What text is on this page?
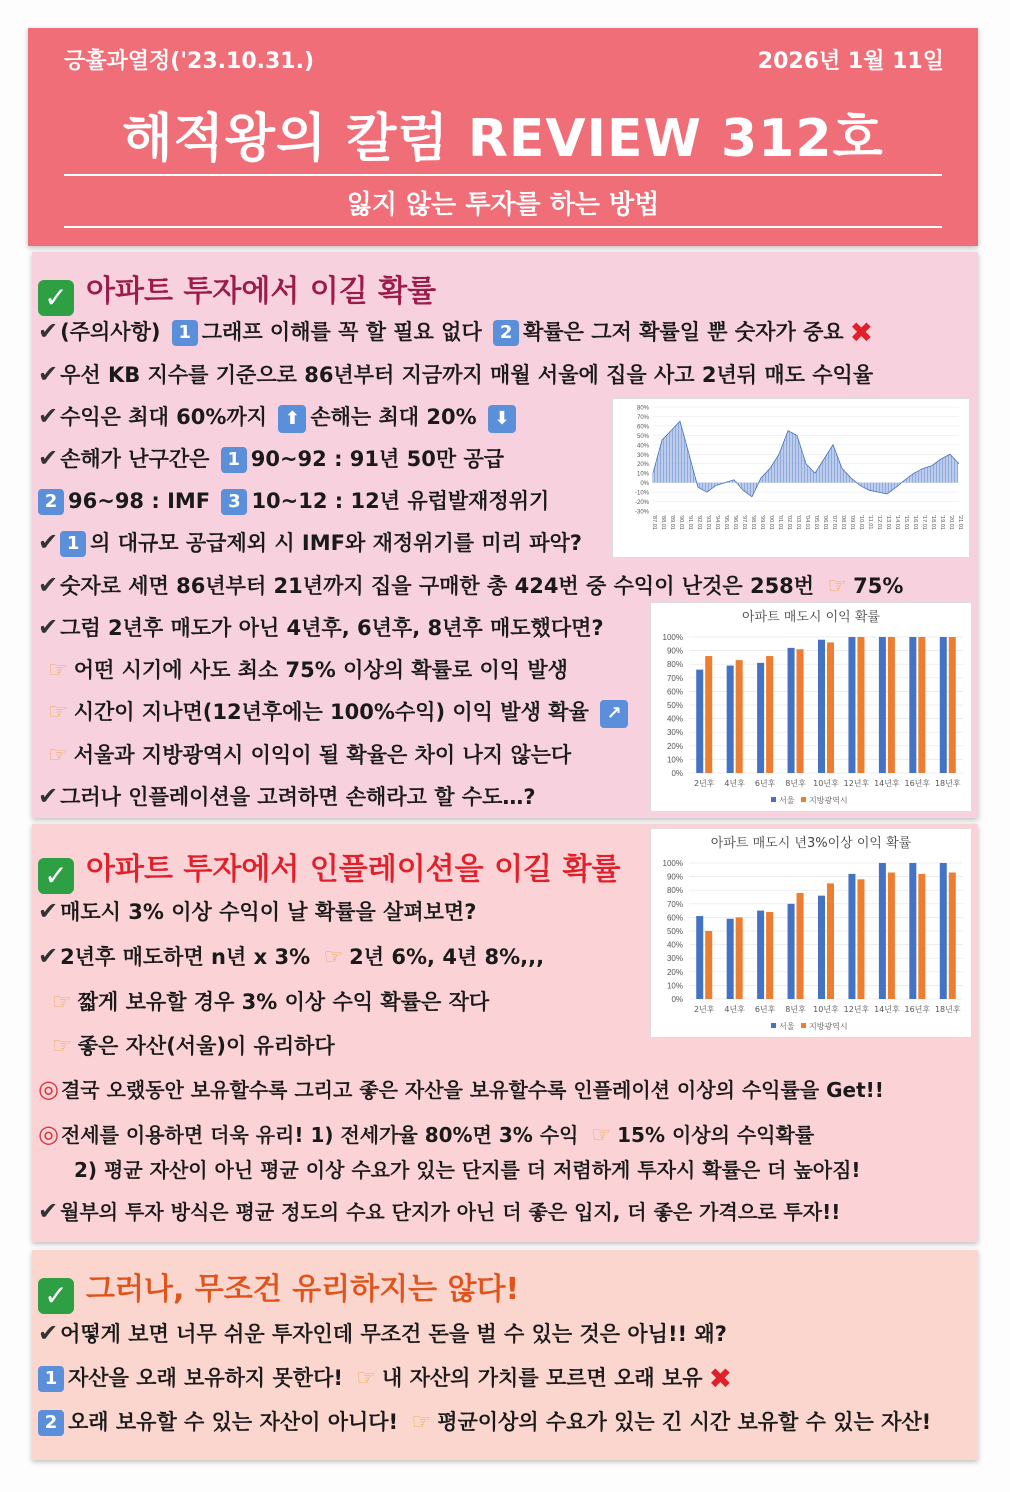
긍휼과열정('23.10.31.)	2026년 1월 11일
해적왕의 칼럼 REVIEW 312호
잃지 않는 투자를 하는 방법
✓ 아파트 투자에서 이길 확률
✔(주의사항) 1 그래프 이해를 꼭 할 필요 없다 2 확률은 그저 확률일 뿐 숫자가 중요 ✖
✔우선 KB 지수를 기준으로 86년부터 지금까지 매월 서울에 집을 사고 2년뒤 매도 수익율
✔수익은 최대 60%까지 ⬆ 손해는 최대 20% ⬇
✔손해가 난구간은 1 90~92 : 91년 50만 공급
2 96~98 : IMF 3 10~12 : 12년 유럽발재정위기
✔ 1 의 대규모 공급제외 시 IMF와 재정위기를 미리 파악?
✔숫자로 세면 86년부터 21년까지 집을 구매한 총 424번 중 수익이 난것은 258번 ☞ 75%
✔그럼 2년후 매도가 아닌 4년후, 6년후, 8년후 매도했다면?
☞ 어떤 시기에 사도 최소 75% 이상의 확률로 이익 발생
☞ 시간이 지나면(12년후에는 100%수익) 이익 발생 확율 ↗
☞ 서울과 지방광역시 이익이 될 확율은 차이 나지 않는다
✔그러나 인플레이션을 고려하면 손해라고 할 수도…?
80%
70%
60%
50%
40%
30%
20%
10%
0%
-10%
-20%
-30%
'87.01 '88.01 '89.01 '90.01 '91.01 '92.01 '93.01 '94.01 '95.01 '96.01 '97.01 '98.01 '99.01 '00.01 '01.01 '02.01 '03.01 '04.01 '05.01 '06.01 '07.01 '08.01 '09.01 '10.01 '11.01 '12.01 '13.01 '14.01 '15.01 '16.01 '17.01 '18.01 '19.01 '20.01 '21.01
아파트 매도시 이익 확률
100%
90%
80%
70%
60%
50%
40%
30%
20%
10%
0%
2년후 4년후 6년후 8년후 10년후 12년후 14년후 16년후 18년후
서울 지방광역시
✓ 아파트 투자에서 인플레이션을 이길 확률
✔매도시 3% 이상 수익이 날 확률을 살펴보면?
✔2년후 매도하면 n년 x 3% ☞ 2년 6%, 4년 8%,,,
☞ 짧게 보유할 경우 3% 이상 수익 확률은 작다
☞ 좋은 자산(서울)이 유리하다
◎ 결국 오랬동안 보유할수록 그리고 좋은 자산을 보유할수록 인플레이션 이상의 수익률을 Get!!
◎ 전세를 이용하면 더욱 유리! 1) 전세가율 80%면 3% 수익 ☞ 15% 이상의 수익확률
2) 평균 자산이 아닌 평균 이상 수요가 있는 단지를 더 저렴하게 투자시 확률은 더 높아짐!
✔ 월부의 투자 방식은 평균 정도의 수요 단지가 아닌 더 좋은 입지, 더 좋은 가격으로 투자!!
아파트 매도시 년3%이상 이익 확률
100%
90%
80%
70%
60%
50%
40%
30%
20%
10%
0%
2년후 4년후 6년후 8년후 10년후 12년후 14년후 16년후 18년후
서울 지방광역시
✓ 그러나, 무조건 유리하지는 않다!
✔어떻게 보면 너무 쉬운 투자인데 무조건 돈을 벌 수 있는 것은 아님!! 왜?
1 자산을 오래 보유하지 못한다! ☞ 내 자산의 가치를 모르면 오래 보유 ✖
2 오래 보유할 수 있는 자산이 아니다! ☞ 평균이상의 수요가 있는 긴 시간 보유할 수 있는 자산!
